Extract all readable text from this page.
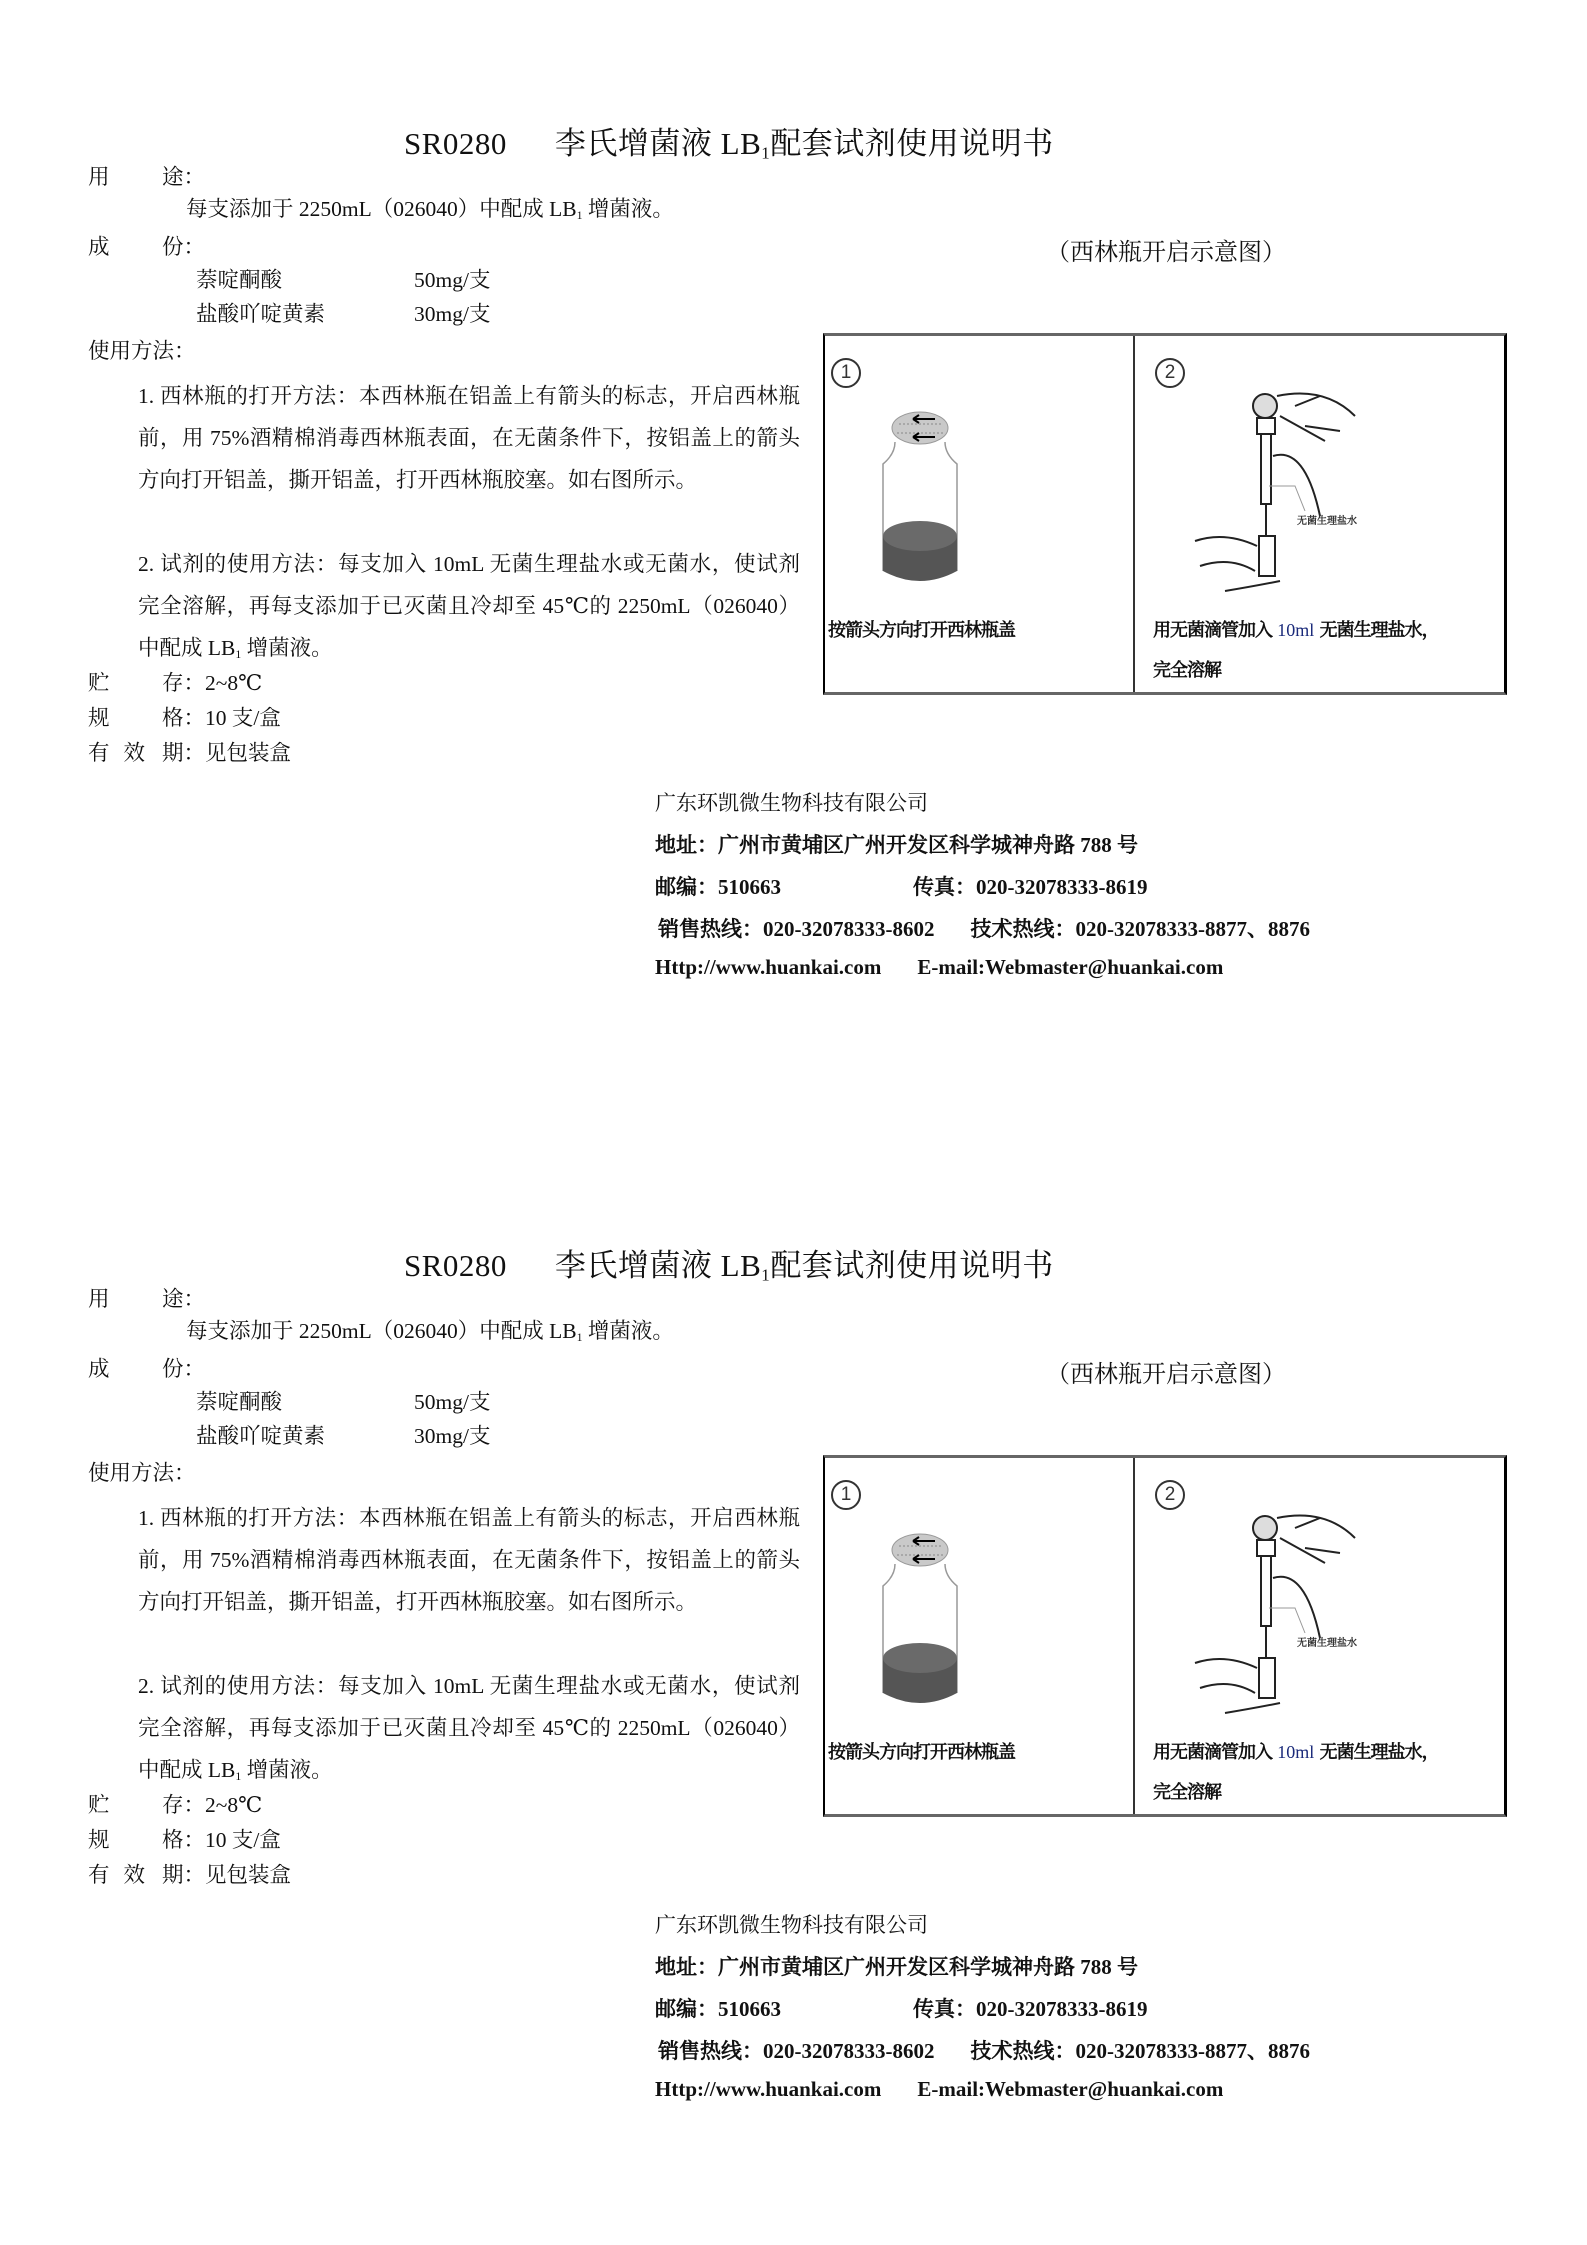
SR0280 李氏增菌液 $LB_1$配套试剂使用说明书
用 途：
每支添加于 2250mL（026040）中配成 $LB_1$ 增菌液。
成 份：
萘啶酮酸	50mg/支
盐酸吖啶黄素	30mg/支
使用方法：
1. 西林瓶的打开方法：本西林瓶在铝盖上有箭头的标志，开启西林瓶前，用 75%酒精棉消毒西林瓶表面，在无菌条件下，按铝盖上的箭头方向打开铝盖，撕开铝盖，打开西林瓶胶塞。如右图所示。
2. 试剂的使用方法：每支加入 10mL 无菌生理盐水或无菌水，使试剂完全溶解，再每支添加于已灭菌且冷却至 45℃的 2250mL（026040）中配成 $LB_1$ 增菌液。
贮 存：2~8℃
规 格：10 支/盒
有 效 期：见包装盒
（西林瓶开启示意图）
1
按箭头方向打开西林瓶盖
2
无菌生理盐水
用无菌滴管加入 10ml 无菌生理盐水，
完全溶解
广东环凯微生物科技有限公司
地址：广州市黄埔区广州开发区科学城神舟路 788 号
邮编：510663	传真：020-32078333-8619
销售热线：020-32078333-8602 技术热线：020-32078333-8877、8876
Http://www.huankai.com E-mail:Webmaster@huankai.com
SR0280 李氏增菌液 $LB_1$配套试剂使用说明书
用 途：
每支添加于 2250mL（026040）中配成 $LB_1$ 增菌液。
成 份：
萘啶酮酸	50mg/支
盐酸吖啶黄素	30mg/支
使用方法：
1. 西林瓶的打开方法：本西林瓶在铝盖上有箭头的标志，开启西林瓶前，用 75%酒精棉消毒西林瓶表面，在无菌条件下，按铝盖上的箭头方向打开铝盖，撕开铝盖，打开西林瓶胶塞。如右图所示。
2. 试剂的使用方法：每支加入 10mL 无菌生理盐水或无菌水，使试剂完全溶解，再每支添加于已灭菌且冷却至 45℃的 2250mL（026040）中配成 $LB_1$ 增菌液。
贮 存：2~8℃
规 格：10 支/盒
有 效 期：见包装盒
（西林瓶开启示意图）
1
按箭头方向打开西林瓶盖
2
无菌生理盐水
用无菌滴管加入 10ml 无菌生理盐水，
完全溶解
广东环凯微生物科技有限公司
地址：广州市黄埔区广州开发区科学城神舟路 788 号
邮编：510663	传真：020-32078333-8619
销售热线：020-32078333-8602 技术热线：020-32078333-8877、8876
Http://www.huankai.com E-mail:Webmaster@huankai.com
